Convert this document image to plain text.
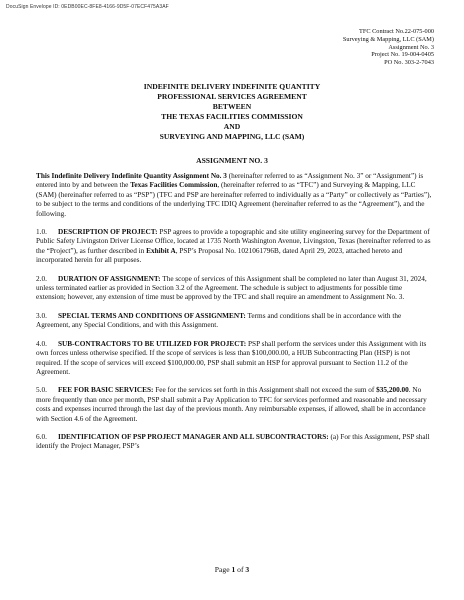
DocuSign Envelope ID: 0EDB00EC-8FE8-4166-9D5F-07ECF475A3AF
TFC Contract No.22-075-000
Surveying & Mapping, LLC (SAM)
Assignment No. 3
Project No. 19-004-0405
PO No. 303-2-7043
INDEFINITE DELIVERY INDEFINITE QUANTITY
PROFESSIONAL SERVICES AGREEMENT
BETWEEN
THE TEXAS FACILITIES COMMISSION
AND
SURVEYING AND MAPPING, LLC (SAM)
ASSIGNMENT NO. 3

This Indefinite Delivery Indefinite Quantity Assignment No. 3 (hereinafter referred to as “Assignment No. 3” or “Assignment”) is entered into by and between the Texas Facilities Commission, (hereinafter referred to as “TFC”) and Surveying & Mapping, LLC (SAM) (hereinafter referred to as “PSP”) (TFC and PSP are hereinafter referred to individually as a “Party” or collectively as “Parties”), to be subject to the terms and conditions of the underlying TFC IDIQ Agreement (hereinafter referred to as the “Agreement”), and the following.

1.0. DESCRIPTION OF PROJECT: PSP agrees to provide a topographic and site utility engineering survey for the Department of Public Safety Livingston Driver License Office, located at 1735 North Washington Avenue, Livingston, Texas (hereinafter referred to as the “Project”), as further described in Exhibit A, PSP’s Proposal No. 1021061796B, dated April 29, 2023, attached hereto and incorporated herein for all purposes.

2.0. DURATION OF ASSIGNMENT: The scope of services of this Assignment shall be completed no later than August 31, 2024, unless terminated earlier as provided in Section 3.2 of the Agreement. The schedule is subject to adjustments for possible time extension; however, any extension of time must be approved by the TFC and shall require an amendment to Assignment No. 3.

3.0. SPECIAL TERMS AND CONDITIONS OF ASSIGNMENT: Terms and conditions shall be in accordance with the Agreement, any Special Conditions, and with this Assignment.

4.0. SUB-CONTRACTORS TO BE UTILIZED FOR PROJECT: PSP shall perform the services under this Assignment with its own forces unless otherwise specified. If the scope of services is less than $100,000.00, a HUB Subcontracting Plan (HSP) is not required. If the scope of services will exceed $100,000.00, PSP shall submit an HSP for approval pursuant to Section 11.2 of the Agreement.

5.0. FEE FOR BASIC SERVICES: Fee for the services set forth in this Assignment shall not exceed the sum of $35,200.00. No more frequently than once per month, PSP shall submit a Pay Application to TFC for services performed and reasonable and necessary costs and expenses incurred through the last day of the previous month. Any reimbursable expenses, if allowed, shall be in accordance with Section 4.6 of the Agreement.

6.0. IDENTIFICATION OF PSP PROJECT MANAGER AND ALL SUBCONTRACTORS: (a) For this Assignment, PSP shall identify the Project Manager, PSP’s

Page 1 of 3
